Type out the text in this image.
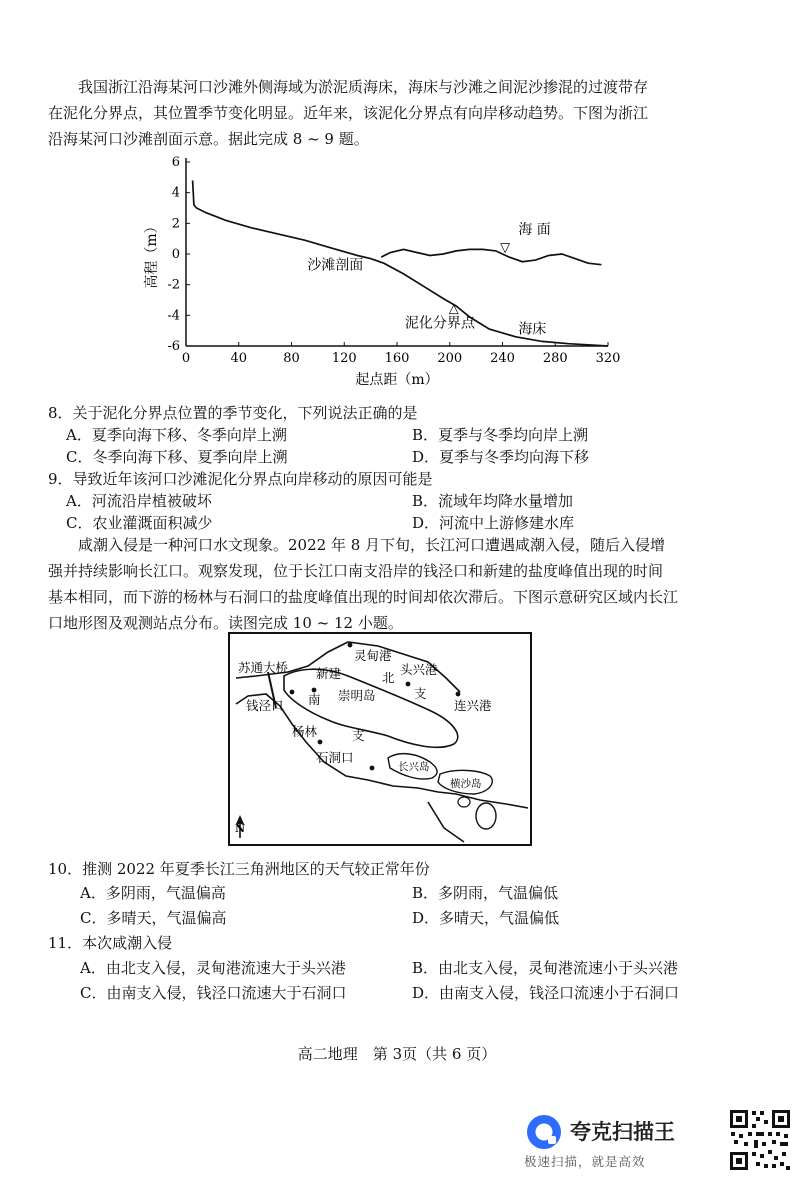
我国浙江沿海某河口沙滩外侧海域为淤泥质海床，海床与沙滩之间泥沙掺混的过渡带存
在泥化分界点，其位置季节变化明显。近年来，该泥化分界点有向岸移动趋势。下图为浙江
沿海某河口沙滩剖面示意。据此完成 8 ~ 9 题。
0	40	80 120 160 200 240 280 320
6
4
2
0
-2
-4
-6
起点距（m）
高程（m）	海 面
沙滩剖面
泥化分界点	海床
▽
△
8．关于泥化分界点位置的季节变化，下列说法正确的是
A．夏季向海下移、冬季向岸上溯	B．夏季与冬季均向岸上溯
C．冬季向海下移、夏季向岸上溯	D．夏季与冬季均向海下移
9．导致近年该河口沙滩泥化分界点向岸移动的原因可能是
A．河流沿岸植被破坏	B．流域年均降水量增加
C．农业灌溉面积减少	D．河流中上游修建水库
咸潮入侵是一种河口水文现象。2022 年 8 月下旬，长江河口遭遇咸潮入侵，随后入侵增
强并持续影响长江口。观察发现，位于长江口南支沿岸的钱泾口和新建的盐度峰值出现的时间
基本相同，而下游的杨林与石洞口的盐度峰值出现的时间却依次滞后。下图示意研究区域内长江
口地形图及观测站点分布。读图完成 10 ~ 12 小题。
灵甸港
苏通大桥 新建	北
头兴港
钱泾口 南 崇明岛	支
连兴港
杨林	支
石洞口
长兴岛
横沙岛
N
10．推测 2022 年夏季长江三角洲地区的天气较正常年份
A．多阴雨，气温偏高	B．多阴雨，气温偏低
C．多晴天，气温偏高	D．多晴天，气温偏低
11．本次咸潮入侵
A．由北支入侵，灵甸港流速大于头兴港	B．由北支入侵，灵甸港流速小于头兴港
C．由南支入侵，钱泾口流速大于石洞口	D．由南支入侵，钱泾口流速小于石洞口
高二地理　第 3页（共 6 页）
夸克扫描王
极速扫描，就是高效
